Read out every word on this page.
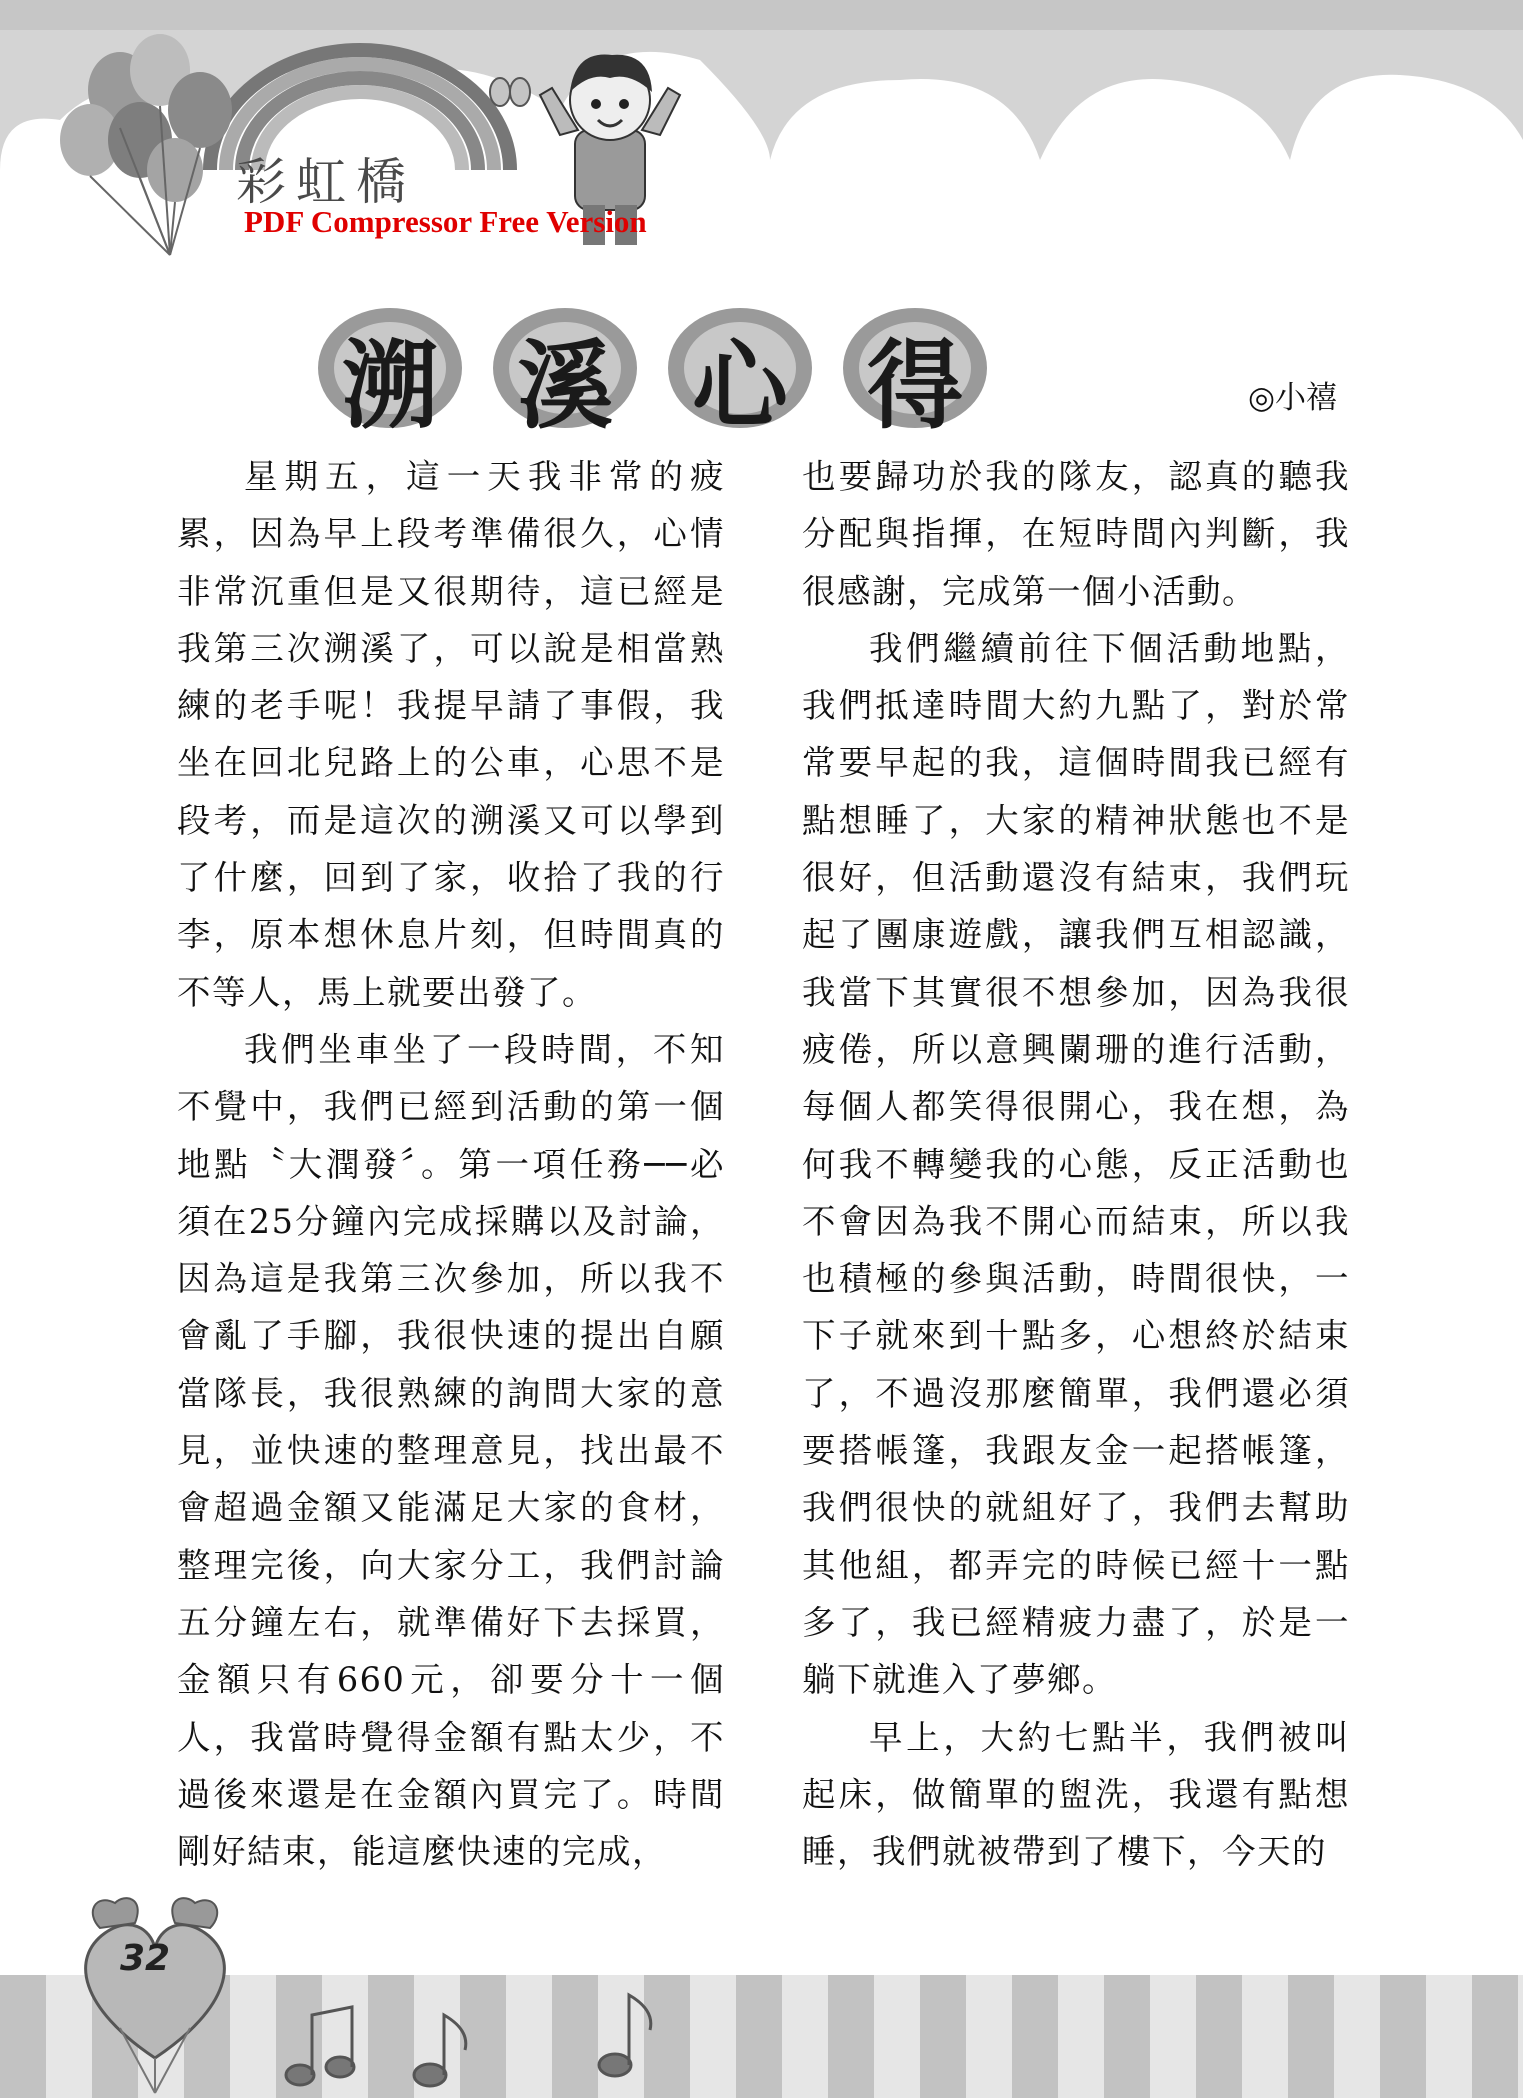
彩虹橋
PDF Compressor Free Version
溯 溪 心 得	◎小禧

星期五，這一天我非常的疲累，因為早上段考準備很久，心情非常沉重但是又很期待，這已經是我第三次溯溪了，可以說是相當熟練的老手呢！我提早請了事假，我坐在回北兒路上的公車，心思不是段考，而是這次的溯溪又可以學到了什麼，回到了家，收拾了我的行李，原本想休息片刻，但時間真的不等人，馬上就要出發了。

我們坐車坐了一段時間，不知不覺中，我們已經到活動的第一個地點〝大潤發〞。第一項任務──必須在25分鐘內完成採購以及討論，因為這是我第三次參加，所以我不會亂了手腳，我很快速的提出自願當隊長，我很熟練的詢問大家的意見，並快速的整理意見，找出最不會超過金額又能滿足大家的食材，整理完後，向大家分工，我們討論五分鐘左右，就準備好下去採買，金額只有660元，卻要分十一個人，我當時覺得金額有點太少，不過後來還是在金額內買完了。時間剛好結束，能這麼快速的完成，

也要歸功於我的隊友，認真的聽我分配與指揮，在短時間內判斷，我很感謝，完成第一個小活動。

我們繼續前往下個活動地點，我們抵達時間大約九點了，對於常常要早起的我，這個時間我已經有點想睡了，大家的精神狀態也不是很好，但活動還沒有結束，我們玩起了團康遊戲，讓我們互相認識，我當下其實很不想參加，因為我很疲倦，所以意興闌珊的進行活動，每個人都笑得很開心，我在想，為何我不轉變我的心態，反正活動也不會因為我不開心而結束，所以我也積極的參與活動，時間很快，一下子就來到十點多，心想終於結束了，不過沒那麼簡單，我們還必須要搭帳篷，我跟友金一起搭帳篷，我們很快的就組好了，我們去幫助其他組，都弄完的時候已經十一點多了，我已經精疲力盡了，於是一躺下就進入了夢鄉。

早上，大約七點半，我們被叫起床，做簡單的盥洗，我還有點想睡，我們就被帶到了樓下，今天的

32
